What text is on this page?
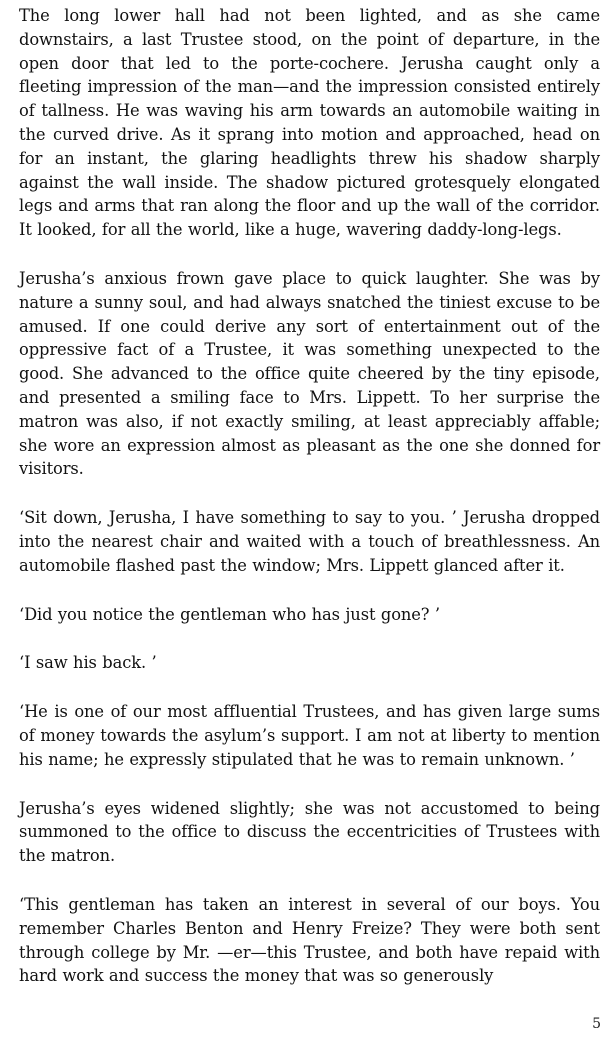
The long lower hall had not been lighted, and as she came downstairs, a last Trustee stood, on the point of departure, in the open door that led to the porte-cochere. Jerusha caught only a fleeting impression of the man—and the impression consisted entirely of tallness. He was waving his arm towards an automobile waiting in the curved drive. As it sprang into motion and approached, head on for an instant, the glaring headlights threw his shadow sharply against the wall inside. The shadow pictured grotesquely elongated legs and arms that ran along the floor and up the wall of the corridor. It looked, for all the world, like a huge, wavering daddy-long-legs.

Jerusha’s anxious frown gave place to quick laughter. She was by nature a sunny soul, and had always snatched the tiniest excuse to be amused. If one could derive any sort of entertainment out of the oppressive fact of a Trustee, it was something unexpected to the good. She advanced to the office quite cheered by the tiny episode, and presented a smiling face to Mrs. Lippett. To her surprise the matron was also, if not exactly smiling, at least appreciably affable; she wore an expression almost as pleasant as the one she donned for visitors.

‘Sit down, Jerusha, I have something to say to you. ’ Jerusha dropped into the nearest chair and waited with a touch of breathlessness. An automobile flashed past the window; Mrs. Lippett glanced after it.

‘Did you notice the gentleman who has just gone? ’

‘I saw his back. ’

‘He is one of our most affluential Trustees, and has given large sums of money towards the asylum’s support. I am not at liberty to mention his name; he expressly stipulated that he was to remain unknown. ’

Jerusha’s eyes widened slightly; she was not accustomed to being summoned to the office to discuss the eccentricities of Trustees with the matron.

‘This gentleman has taken an interest in several of our boys. You remember Charles Benton and Henry Freize? They were both sent through college by Mr. —er—this Trustee, and both have repaid with hard work and success the money that was so generously

5
